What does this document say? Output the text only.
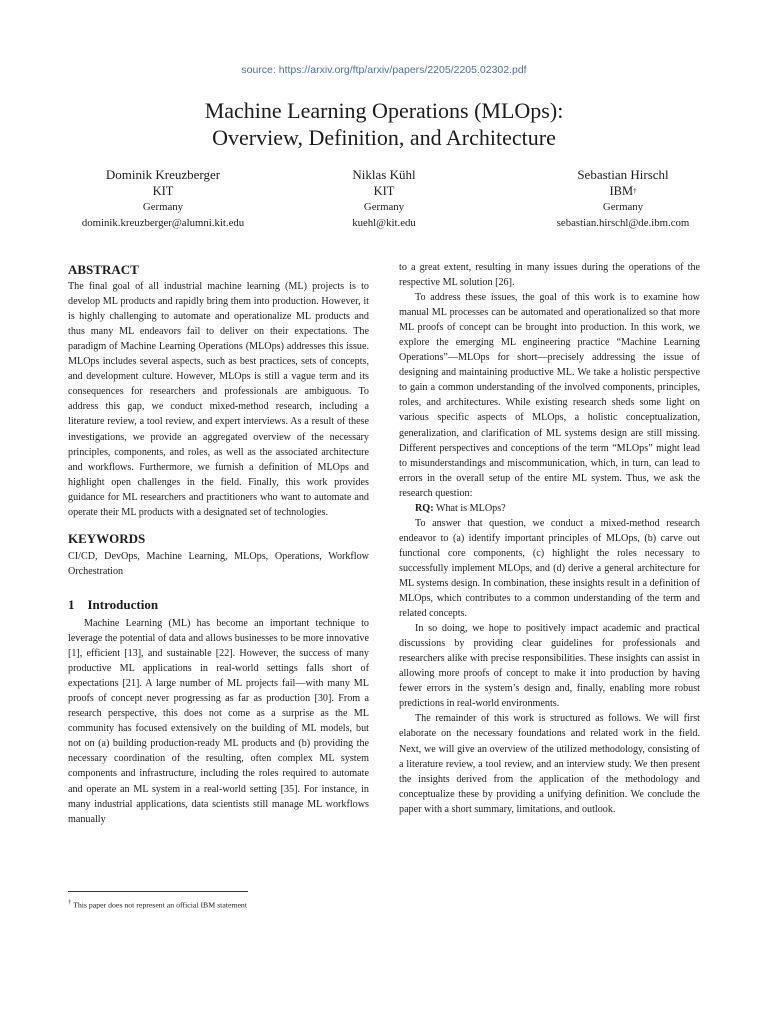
source: https://arxiv.org/ftp/arxiv/papers/2205/2205.02302.pdf
Machine Learning Operations (MLOps):
Overview, Definition, and Architecture
Dominik Kreuzberger
KIT
Germany
dominik.kreuzberger@alumni.kit.edu
Niklas Kühl
KIT
Germany
kuehl@kit.edu
Sebastian Hirschl
IBM†
Germany
sebastian.hirschl@de.ibm.com
ABSTRACT

The final goal of all industrial machine learning (ML) projects is to develop ML products and rapidly bring them into production. However, it is highly challenging to automate and operationalize ML products and thus many ML endeavors fail to deliver on their expectations. The paradigm of Machine Learning Operations (MLOps) addresses this issue. MLOps includes several aspects, such as best practices, sets of concepts, and development culture. However, MLOps is still a vague term and its consequences for researchers and professionals are ambiguous. To address this gap, we conduct mixed-method research, including a literature review, a tool review, and expert interviews. As a result of these investigations, we provide an aggregated overview of the necessary principles, components, and roles, as well as the associated architecture and workflows. Furthermore, we furnish a definition of MLOps and highlight open challenges in the field. Finally, this work provides guidance for ML researchers and practitioners who want to automate and operate their ML products with a designated set of technologies.

KEYWORDS

CI/CD, DevOps, Machine Learning, MLOps, Operations, Workflow Orchestration

1 Introduction

Machine Learning (ML) has become an important technique to leverage the potential of data and allows businesses to be more innovative [1], efficient [13], and sustainable [22]. However, the success of many productive ML applications in real-world settings falls short of expectations [21]. A large number of ML projects fail—with many ML proofs of concept never progressing as far as production [30]. From a research perspective, this does not come as a surprise as the ML community has focused extensively on the building of ML models, but not on (a) building production-ready ML products and (b) providing the necessary coordination of the resulting, often complex ML system components and infrastructure, including the roles required to automate and operate an ML system in a real-world setting [35]. For instance, in many industrial applications, data scientists still manage ML workflows manually

† This paper does not represent an official IBM statement

to a great extent, resulting in many issues during the operations of the respective ML solution [26].

To address these issues, the goal of this work is to examine how manual ML processes can be automated and operationalized so that more ML proofs of concept can be brought into production. In this work, we explore the emerging ML engineering practice “Machine Learning Operations”—MLOps for short—precisely addressing the issue of designing and maintaining productive ML. We take a holistic perspective to gain a common understanding of the involved components, principles, roles, and architectures. While existing research sheds some light on various specific aspects of MLOps, a holistic conceptualization, generalization, and clarification of ML systems design are still missing. Different perspectives and conceptions of the term “MLOps” might lead to misunderstandings and miscommunication, which, in turn, can lead to errors in the overall setup of the entire ML system. Thus, we ask the research question:

RQ: What is MLOps?

To answer that question, we conduct a mixed-method research endeavor to (a) identify important principles of MLOps, (b) carve out functional core components, (c) highlight the roles necessary to successfully implement MLOps, and (d) derive a general architecture for ML systems design. In combination, these insights result in a definition of MLOps, which contributes to a common understanding of the term and related concepts.

In so doing, we hope to positively impact academic and practical discussions by providing clear guidelines for professionals and researchers alike with precise responsibilities. These insights can assist in allowing more proofs of concept to make it into production by having fewer errors in the system’s design and, finally, enabling more robust predictions in real-world environments.

The remainder of this work is structured as follows. We will first elaborate on the necessary foundations and related work in the field. Next, we will give an overview of the utilized methodology, consisting of a literature review, a tool review, and an interview study. We then present the insights derived from the application of the methodology and conceptualize these by providing a unifying definition. We conclude the paper with a short summary, limitations, and outlook.
